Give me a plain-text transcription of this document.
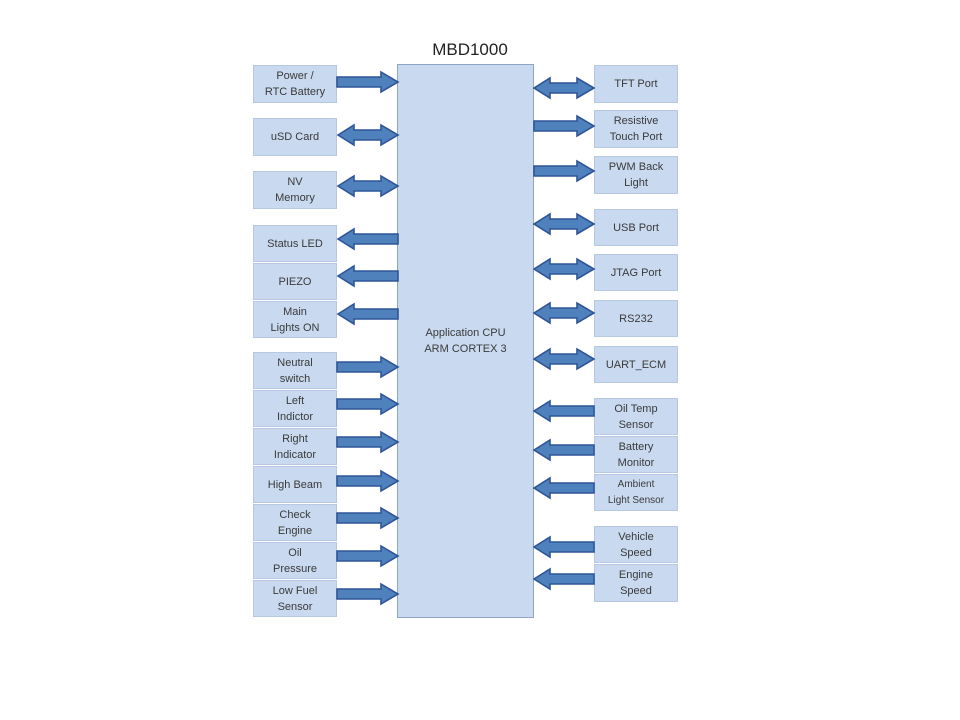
MBD1000
Application CPU
ARM CORTEX 3
Power /
RTC Battery
uSD Card
NV
Memory
Status LED
PIEZO
Main
Lights ON
Neutral
switch
Left
Indictor
Right
Indicator
High Beam
Check
Engine
Oil
Pressure
Low Fuel
Sensor
TFT Port
Resistive
Touch Port
PWM Back
Light
USB Port
JTAG Port
RS232
UART_ECM
Oil Temp
Sensor
Battery
Monitor
Ambient
Light Sensor
Vehicle
Speed
Engine
Speed
